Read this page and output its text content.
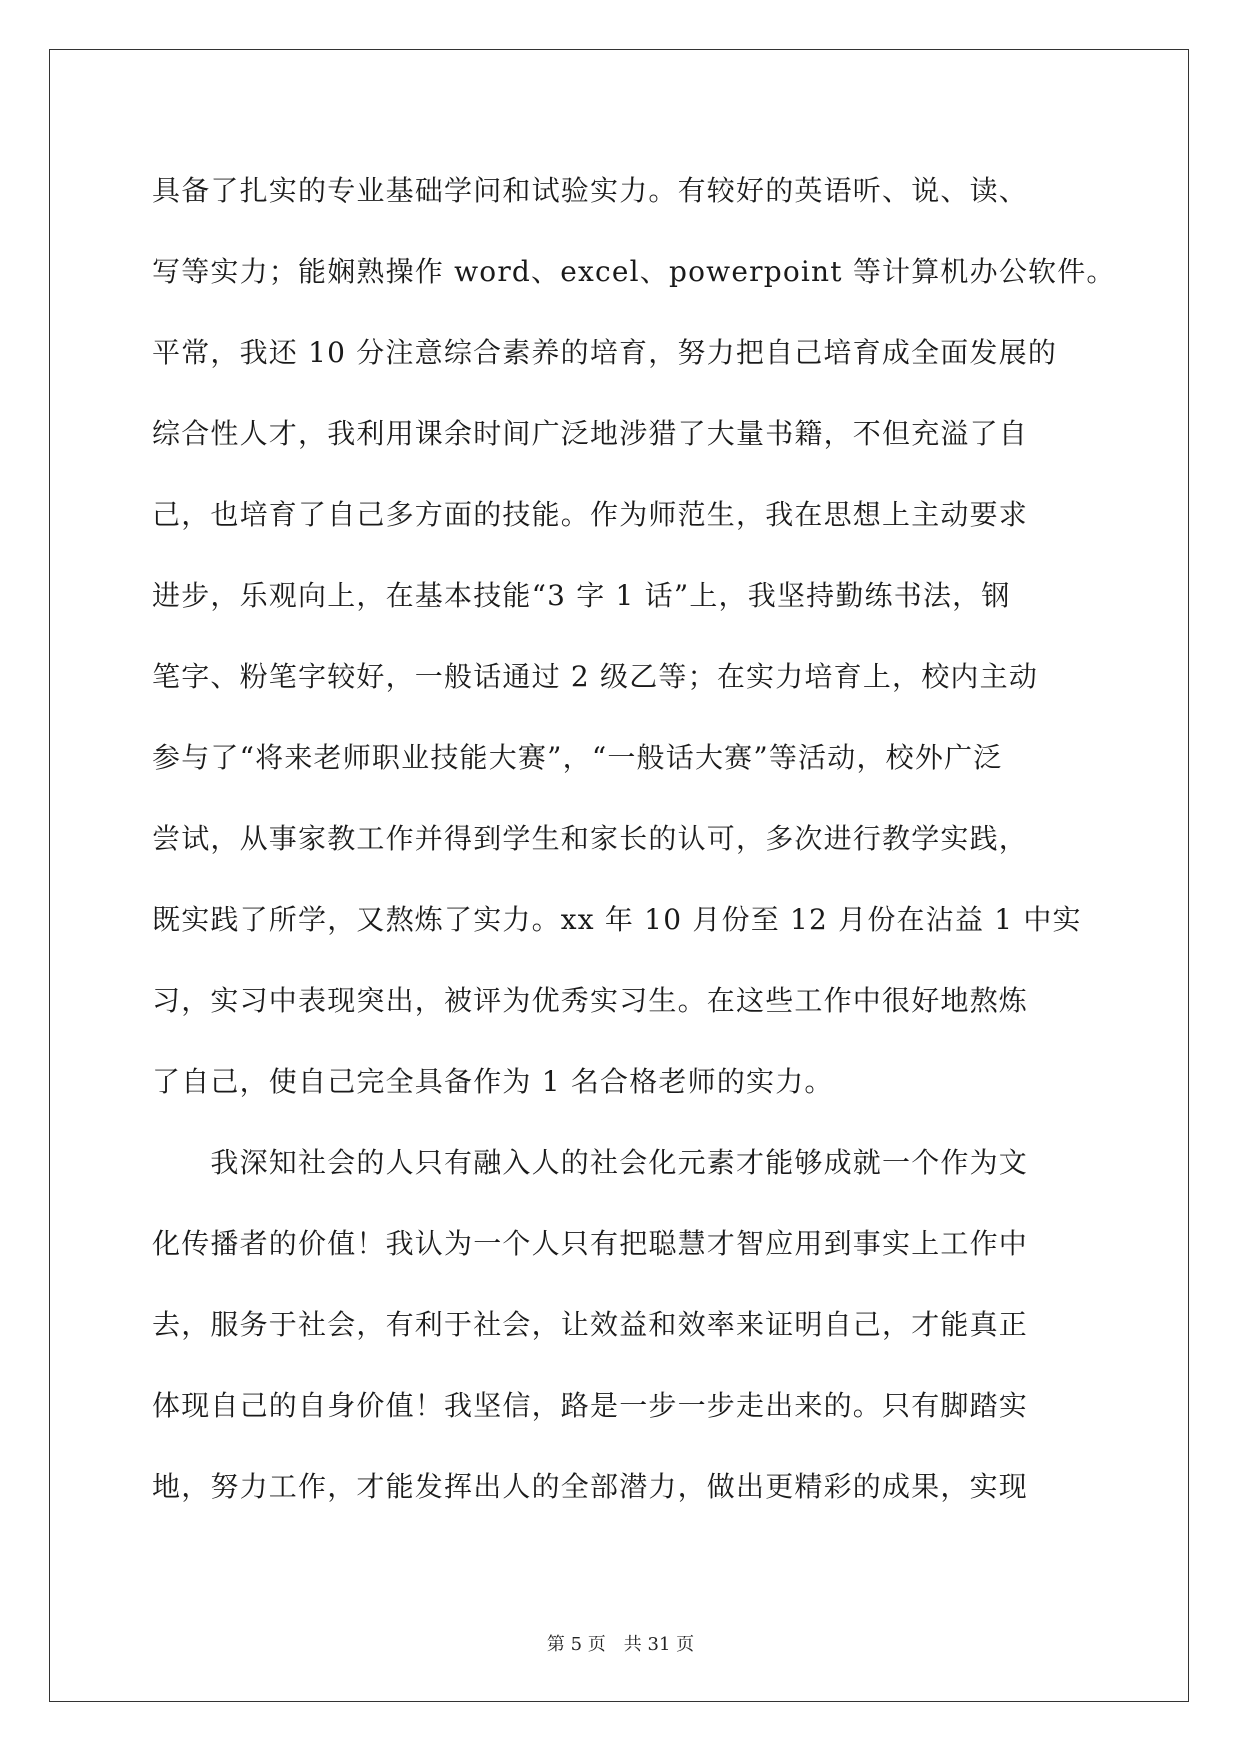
具备了扎实的专业基础学问和试验实力。有较好的英语听、说、读、
写等实力；能娴熟操作 word、excel、powerpoint 等计算机办公软件。
平常，我还 10 分注意综合素养的培育，努力把自己培育成全面发展的
综合性人才，我利用课余时间广泛地涉猎了大量书籍，不但充溢了自
己，也培育了自己多方面的技能。作为师范生，我在思想上主动要求
进步，乐观向上，在基本技能“3 字 1 话”上，我坚持勤练书法，钢
笔字、粉笔字较好，一般话通过 2 级乙等；在实力培育上，校内主动
参与了“将来老师职业技能大赛”，“一般话大赛”等活动，校外广泛
尝试，从事家教工作并得到学生和家长的认可，多次进行教学实践，
既实践了所学，又熬炼了实力。xx 年 10 月份至 12 月份在沾益 1 中实
习，实习中表现突出，被评为优秀实习生。在这些工作中很好地熬炼
了自己，使自己完全具备作为 1 名合格老师的实力。
　　我深知社会的人只有融入人的社会化元素才能够成就一个作为文
化传播者的价值！我认为一个人只有把聪慧才智应用到事实上工作中
去，服务于社会，有利于社会，让效益和效率来证明自己，才能真正
体现自己的自身价值！我坚信，路是一步一步走出来的。只有脚踏实
地，努力工作，才能发挥出人的全部潜力，做出更精彩的成果，实现
第 5 页　共 31 页
